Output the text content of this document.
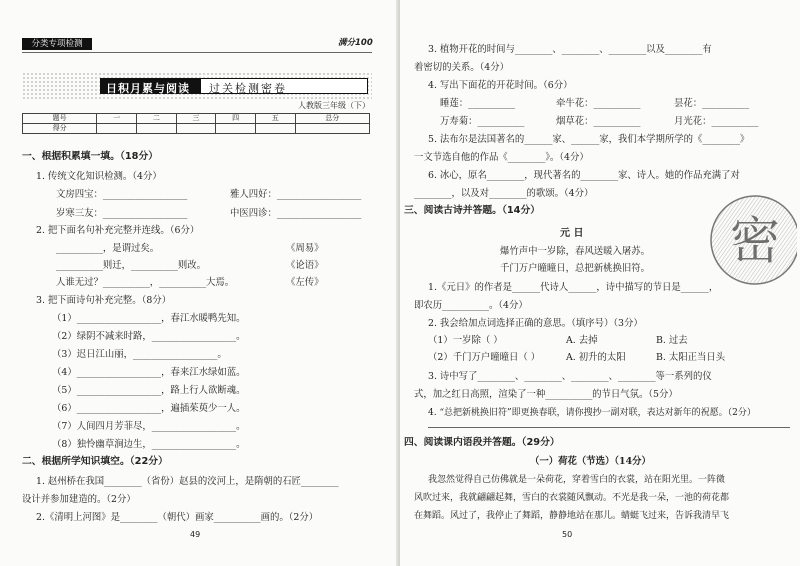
分类专项检测	满分100
日积月累与阅读 过关检测密卷
人教版三年级（下）
题号	一	二	三	四	五	总分
得分						
一、根据积累填一填。（18分）
1. 传统文化知识检测。（4分）
文房四宝：__________________	雅人四好：__________________
岁寒三友：__________________	中医四诊：__________________
2. 把下面名句补充完整并连线。（6分）
__________，是谓过矣。	《周易》
__________则迁，__________则改。	《论语》
人谁无过？__________，__________大焉。	《左传》
3. 把下面诗句补充完整。（8分）
（1）__________________，春江水暖鸭先知。
（2）绿阴不减来时路，__________________。
（3）迟日江山丽，__________________。
（4）__________________，春来江水绿如蓝。
（5）__________________，路上行人欲断魂。
（6）__________________，遍插茱萸少一人。
（7）人间四月芳菲尽，__________________。
（8）独怜幽草涧边生，__________________。
二、根据所学知识填空。（22分）
1. 赵州桥在我国________（省份）赵县的洨河上，是隋朝的石匠________
设计并参加建造的。（2分）
2.《清明上河图》是________（朝代）画家__________画的。（2分）
49
3. 植物开花的时间与________、________、________以及________有
着密切的关系。（4分）
4. 写出下面花的开花时间。（6分）
睡莲：__________	牵牛花：__________	昙花：__________
万寿菊：__________	烟草花：__________	月光花：__________
5. 法布尔是法国著名的______家、______家，我们本学期所学的《________》
一文节选自他的作品《________》。（4分）
6. 冰心，原名________，现代著名的________家、诗人。她的作品充满了对
________，以及对________的歌颂。（4分）
三、阅读古诗并答题。（14分）
元 日
爆竹声中一岁除，春风送暖入屠苏。
千门万户曈曈日，总把新桃换旧符。
1.《元日》的作者是______代诗人______，诗中描写的节日是______，
即农历__________。（4分）
2. 我会给加点词选择正确的意思。（填序号）（3分）
（1）一岁除（ ）	A. 去掉	B. 过去
（2）千门万户曈曈日（ ）	A. 初升的太阳	B. 太阳正当日头
3. 诗中写了________、________、________、________等一系列的仪
式，加之红日高照，渲染了一种__________的节日气氛。（5分）
4. “总把新桃换旧符”即更换春联，请你搜抄一副对联，表达对新年的祝愿。（2分）
四、阅读课内语段并答题。（29分）
（一）荷花（节选）（14分）
我忽然觉得自己仿佛就是一朵荷花，穿着雪白的衣裳，站在阳光里。一阵微
风吹过来，我就翩翩起舞，雪白的衣裳随风飘动。不光是我一朵，一池的荷花都
在舞蹈。风过了，我停止了舞蹈，静静地站在那儿。蜻蜓飞过来，告诉我清早飞
50
密
